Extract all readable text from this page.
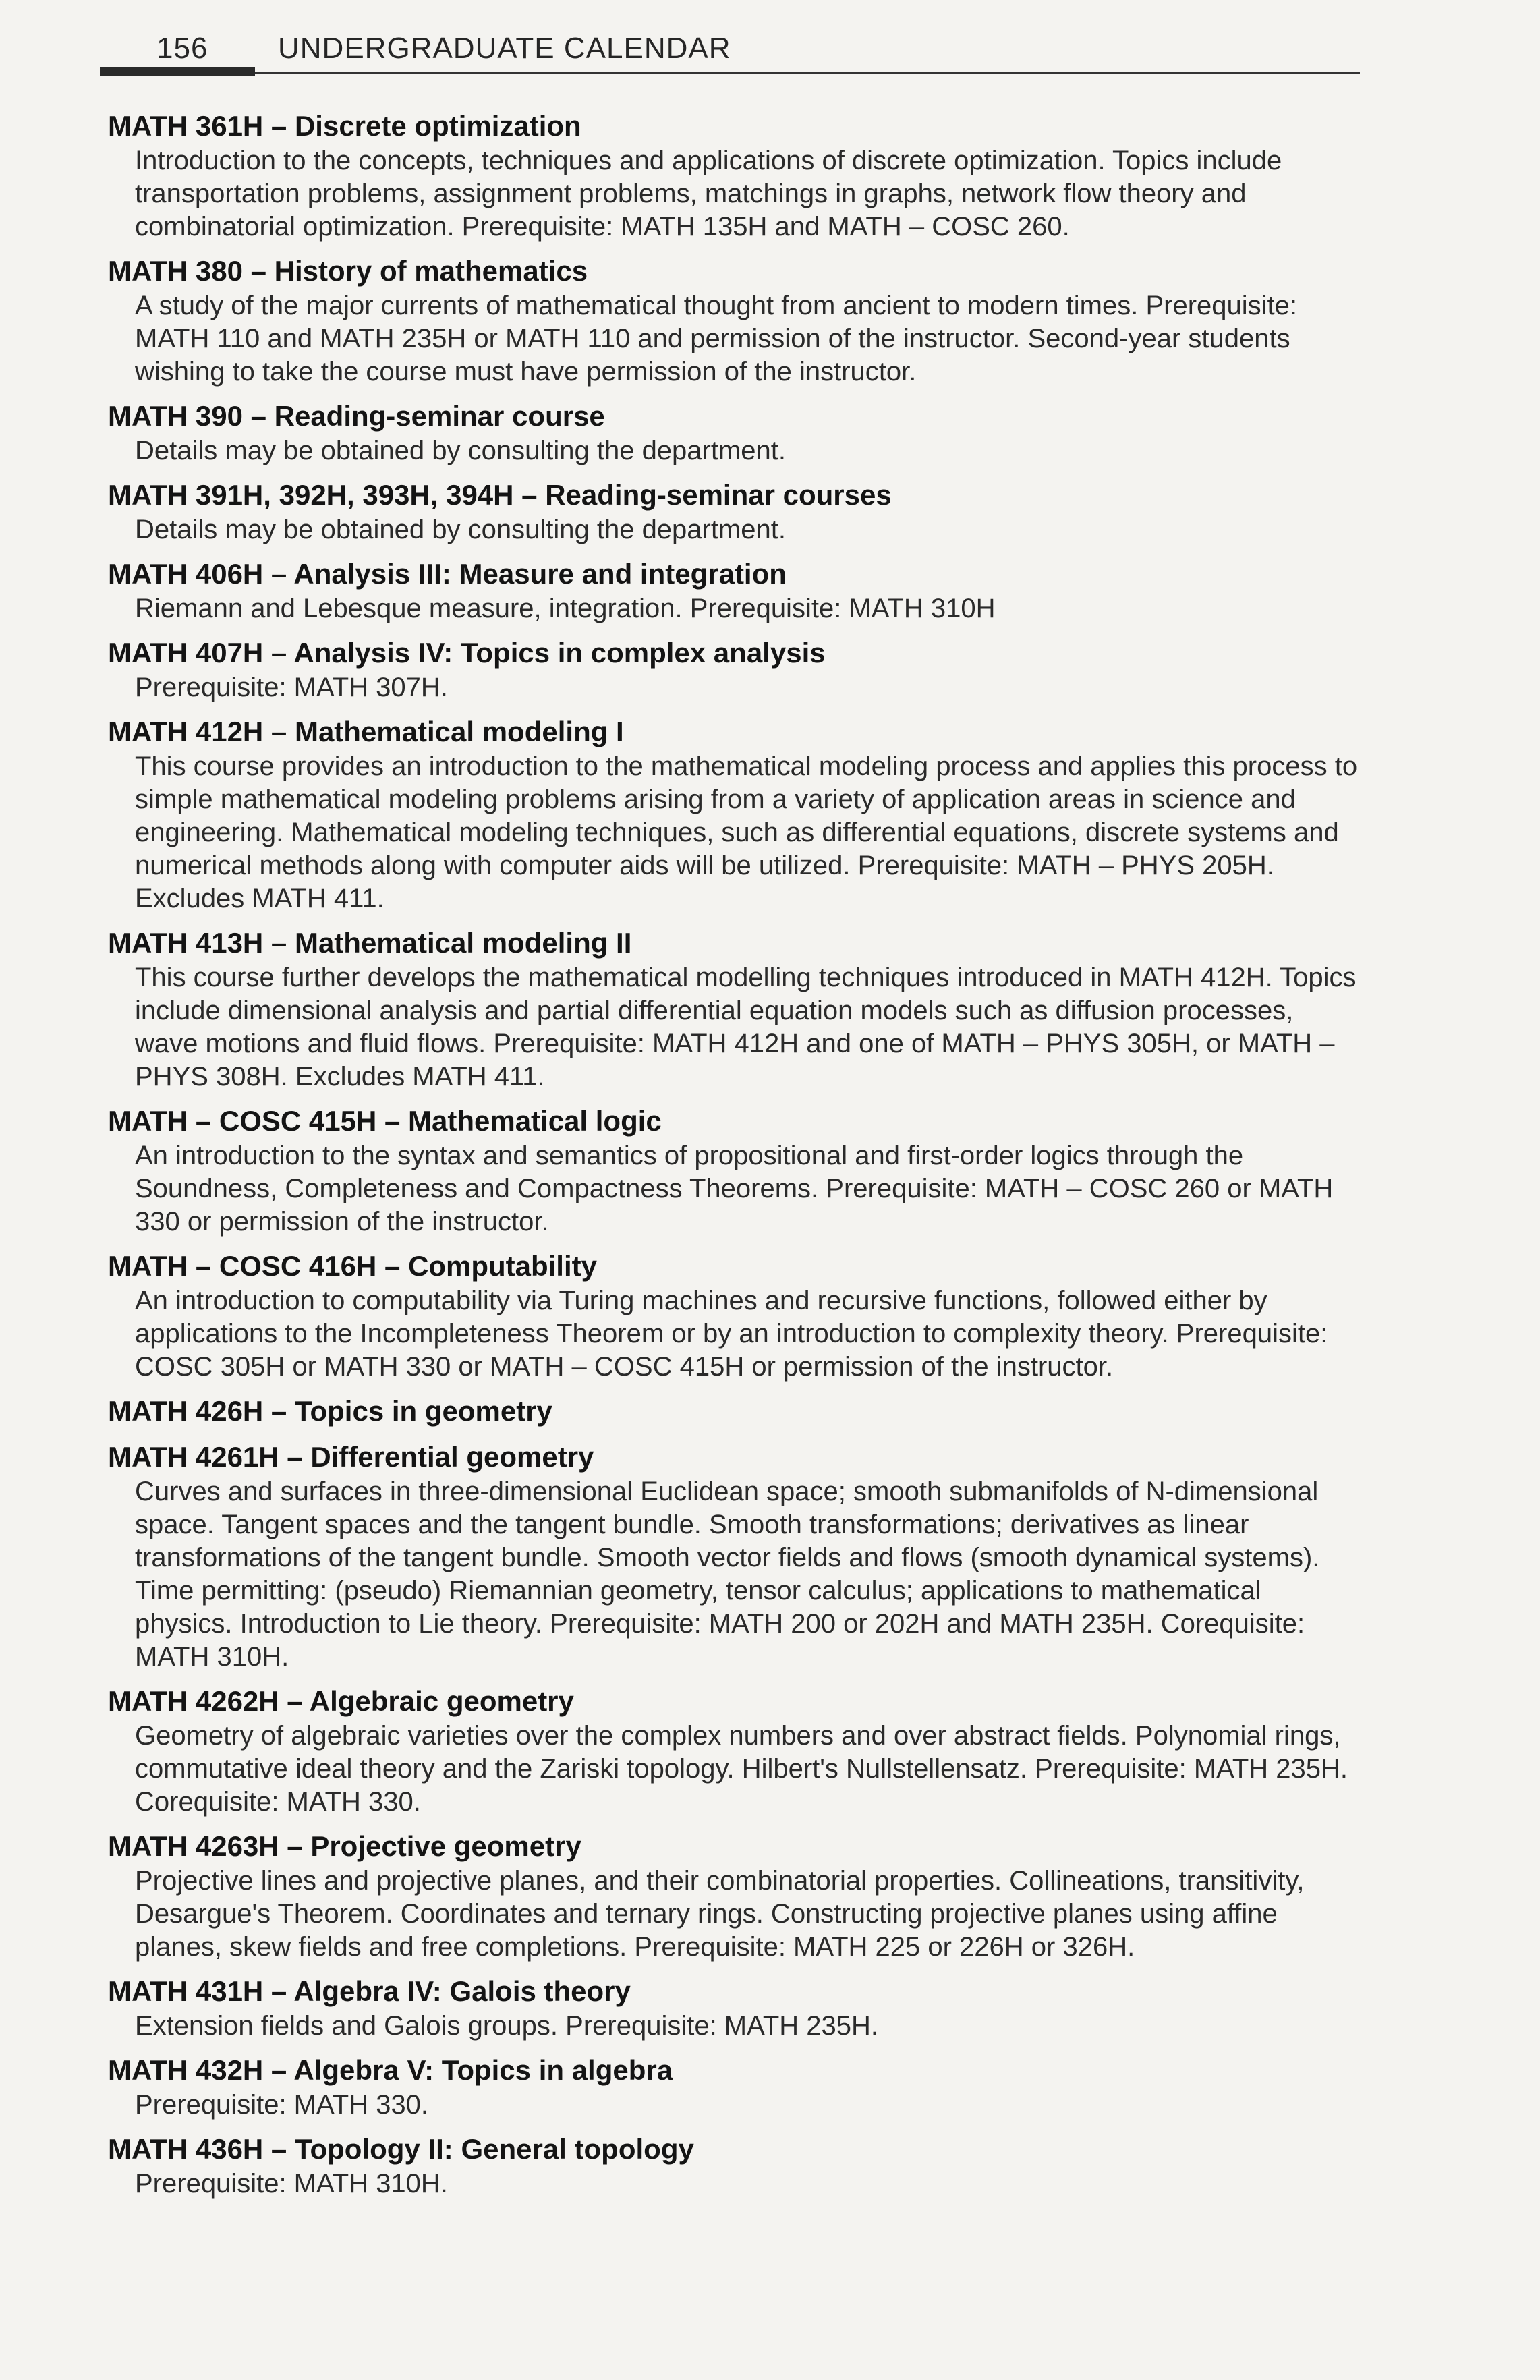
156	UNDERGRADUATE CALENDAR
MATH 361H – Discrete optimization
Introduction to the concepts, techniques and applications of discrete optimization. Topics include transportation problems, assignment problems, matchings in graphs, network flow theory and combinatorial optimization. Prerequisite: MATH 135H and MATH – COSC 260.
MATH 380 – History of mathematics
A study of the major currents of mathematical thought from ancient to modern times. Prerequisite: MATH 110 and MATH 235H or MATH 110 and permission of the instructor. Second-year students wishing to take the course must have permission of the instructor.
MATH 390 – Reading-seminar course
Details may be obtained by consulting the department.
MATH 391H, 392H, 393H, 394H – Reading-seminar courses
Details may be obtained by consulting the department.
MATH 406H – Analysis III: Measure and integration
Riemann and Lebesque measure, integration. Prerequisite: MATH 310H
MATH 407H – Analysis IV: Topics in complex analysis
Prerequisite: MATH 307H.
MATH 412H – Mathematical modeling I
This course provides an introduction to the mathematical modeling process and applies this process to simple mathematical modeling problems arising from a variety of application areas in science and engineering. Mathematical modeling techniques, such as differential equations, discrete systems and numerical methods along with computer aids will be utilized. Prerequisite: MATH – PHYS 205H. Excludes MATH 411.
MATH 413H – Mathematical modeling II
This course further develops the mathematical modelling techniques introduced in MATH 412H. Topics include dimensional analysis and partial differential equation models such as diffusion processes, wave motions and fluid flows. Prerequisite: MATH 412H and one of MATH – PHYS 305H, or MATH – PHYS 308H. Excludes MATH 411.
MATH – COSC 415H – Mathematical logic
An introduction to the syntax and semantics of propositional and first-order logics through the Soundness, Completeness and Compactness Theorems. Prerequisite: MATH – COSC 260 or MATH 330 or permission of the instructor.
MATH – COSC 416H – Computability
An introduction to computability via Turing machines and recursive functions, followed either by applications to the Incompleteness Theorem or by an introduction to complexity theory. Prerequisite: COSC 305H or MATH 330 or MATH – COSC 415H or permission of the instructor.
MATH 426H – Topics in geometry
MATH 4261H – Differential geometry
Curves and surfaces in three-dimensional Euclidean space; smooth submanifolds of N-dimensional space. Tangent spaces and the tangent bundle. Smooth transformations; derivatives as linear transformations of the tangent bundle. Smooth vector fields and flows (smooth dynamical systems). Time permitting: (pseudo) Riemannian geometry, tensor calculus; applications to mathematical physics. Introduction to Lie theory. Prerequisite: MATH 200 or 202H and MATH 235H. Corequisite: MATH 310H.
MATH 4262H – Algebraic geometry
Geometry of algebraic varieties over the complex numbers and over abstract fields. Polynomial rings, commutative ideal theory and the Zariski topology. Hilbert's Nullstellensatz. Prerequisite: MATH 235H. Corequisite: MATH 330.
MATH 4263H – Projective geometry
Projective lines and projective planes, and their combinatorial properties. Collineations, transitivity, Desargue's Theorem. Coordinates and ternary rings. Constructing projective planes using affine planes, skew fields and free completions. Prerequisite: MATH 225 or 226H or 326H.
MATH 431H – Algebra IV: Galois theory
Extension fields and Galois groups. Prerequisite: MATH 235H.
MATH 432H – Algebra V: Topics in algebra
Prerequisite: MATH 330.
MATH 436H – Topology II: General topology
Prerequisite: MATH 310H.
